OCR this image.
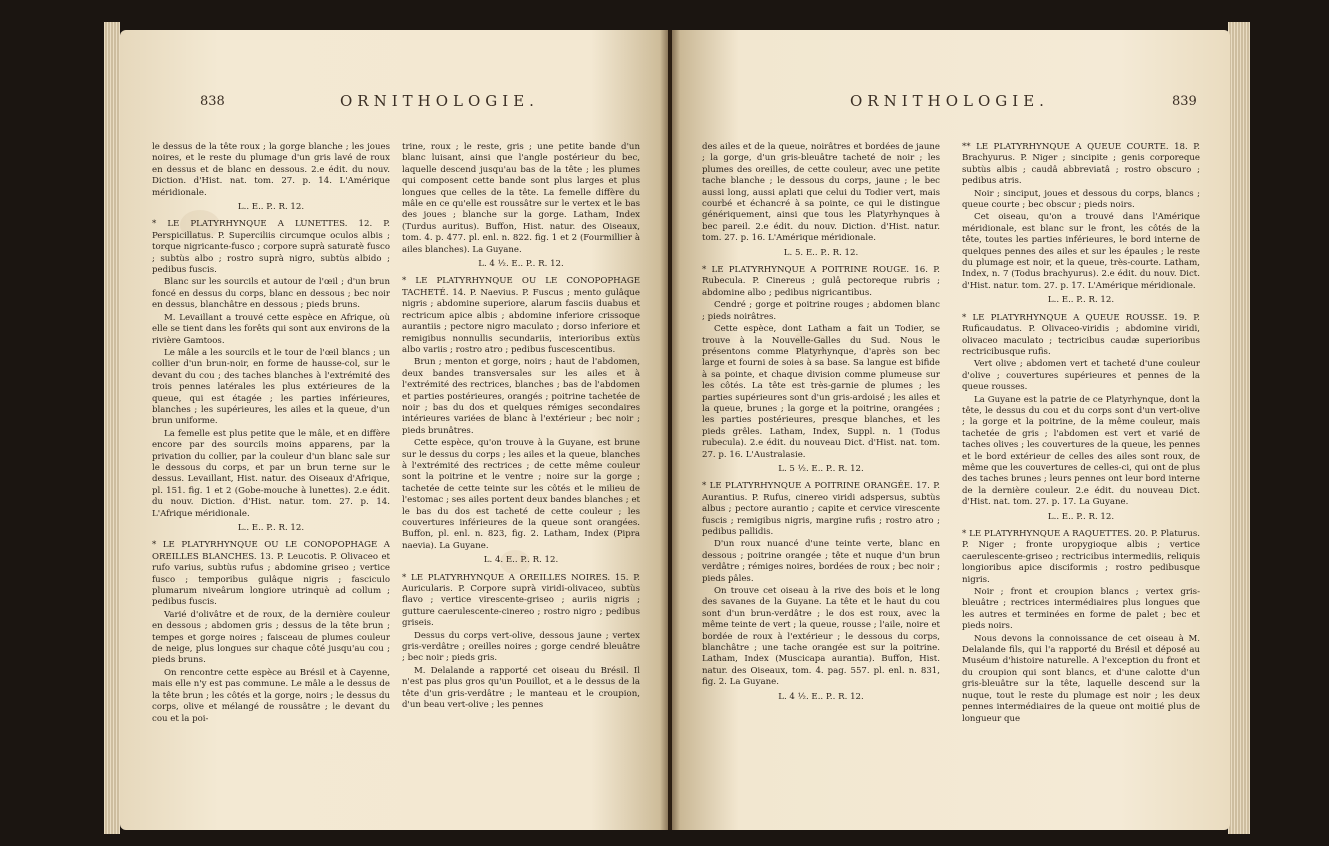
838	ORNITHOLOGIE.

le dessus de la tête roux ; la gorge blanche ; les joues noires, et le reste du plumage d'un gris lavé de roux en dessus et de blanc en dessous. 2.e édit. du nouv. Diction. d'Hist. nat. tom. 27. p. 14. L'Amérique méridionale.

L.. E.. P.. R. 12.

* LE PLATYRHYNQUE A LUNETTES. 12. P. Perspicillatus. P. Superciliis circumque oculos albis ; torque nigricante-fusco ; corpore suprà saturatè fusco ; subtùs albo ; rostro suprà nigro, subtùs albido ; pedibus fuscis.

Blanc sur les sourcils et autour de l'œil ; d'un brun foncé en dessus du corps, blanc en dessous ; bec noir en dessus, blanchâtre en dessous ; pieds bruns.

M. Levaillant a trouvé cette espèce en Afrique, où elle se tient dans les forêts qui sont aux environs de la rivière Gamtoos.

Le mâle a les sourcils et le tour de l'œil blancs ; un collier d'un brun-noir, en forme de hausse-col, sur le devant du cou ; des taches blanches à l'extrémité des trois pennes latérales les plus extérieures de la queue, qui est étagée ; les parties inférieures, blanches ; les supérieures, les ailes et la queue, d'un brun uniforme.

La femelle est plus petite que le mâle, et en diffère encore par des sourcils moins apparens, par la privation du collier, par la couleur d'un blanc sale sur le dessous du corps, et par un brun terne sur le dessus. Levaillant, Hist. natur. des Oiseaux d'Afrique, pl. 151. fig. 1 et 2 (Gobe-mouche à lunettes). 2.e édit. du nouv. Diction. d'Hist. natur. tom. 27. p. 14. L'Afrique méridionale.

L.. E.. P.. R. 12.

* LE PLATYRHYNQUE OU LE CONOPOPHAGE A OREILLES BLANCHES. 13. P. Leucotis. P. Olivaceo et rufo varius, subtùs rufus ; abdomine griseo ; vertice fusco ; temporibus gulâque nigris ; fasciculo plumarum niveârum longiore utrinquè ad collum ; pedibus fuscis.

Varié d'olivâtre et de roux, de la dernière couleur en dessous ; abdomen gris ; dessus de la tête brun ; tempes et gorge noires ; faisceau de plumes couleur de neige, plus longues sur chaque côté jusqu'au cou ; pieds bruns.

On rencontre cette espèce au Brésil et à Cayenne, mais elle n'y est pas commune. Le mâle a le dessus de la tête brun ; les côtés et la gorge, noirs ; le dessus du corps, olive et mélangé de roussâtre ; le devant du cou et la poi-

trine, roux ; le reste, gris ; une petite bande d'un blanc luisant, ainsi que l'angle postérieur du bec, laquelle descend jusqu'au bas de la tête ; les plumes qui composent cette bande sont plus larges et plus longues que celles de la tête. La femelle diffère du mâle en ce qu'elle est roussâtre sur le vertex et le bas des joues ; blanche sur la gorge. Latham, Index (Turdus auritus). Buffon, Hist. natur. des Oiseaux, tom. 4. p. 477. pl. enl. n. 822. fig. 1 et 2 (Fourmillier à ailes blanches). La Guyane.

L. 4 ½. E.. P.. R. 12.

* LE PLATYRHYNQUE OU LE CONOPOPHAGE TACHETÉ. 14. P. Naevius. P. Fuscus ; mento gulâque nigris ; abdomine superiore, alarum fasciis duabus et rectricum apice albis ; abdomine inferiore crissoque aurantiis ; pectore nigro maculato ; dorso inferiore et remigibus nonnullis secundariis, interioribus extùs albo variis ; rostro atro ; pedibus fuscescentibus.

Brun ; menton et gorge, noirs ; haut de l'abdomen, deux bandes transversales sur les ailes et à l'extrémité des rectrices, blanches ; bas de l'abdomen et parties postérieures, orangés ; poitrine tachetée de noir ; bas du dos et quelques rémiges secondaires intérieures variées de blanc à l'extérieur ; bec noir ; pieds brunâtres.

Cette espèce, qu'on trouve à la Guyane, est brune sur le dessus du corps ; les ailes et la queue, blanches à l'extrémité des rectrices ; de cette même couleur sont la poitrine et le ventre ; noire sur la gorge ; tachetée de cette teinte sur les côtés et le milieu de l'estomac ; ses ailes portent deux bandes blanches ; et le bas du dos est tacheté de cette couleur ; les couvertures inférieures de la queue sont orangées. Buffon, pl. enl. n. 823, fig. 2. Latham, Index (Pipra naevia). La Guyane.

L. 4. E.. P.. R. 12.

* LE PLATYRHYNQUE A OREILLES NOIRES. 15. P. Auricularis. P. Corpore suprà viridi-olivaceo, subtùs flavo ; vertice virescente-griseo ; auriis nigris ; gutture caerulescente-cinereo ; rostro nigro ; pedibus griseis.

Dessus du corps vert-olive, dessous jaune ; vertex gris-verdâtre ; oreilles noires ; gorge cendré bleuâtre ; bec noir ; pieds gris.

M. Delalande a rapporté cet oiseau du Brésil. Il n'est pas plus gros qu'un Pouillot, et a le dessus de la tête d'un gris-verdâtre ; le manteau et le croupion, d'un beau vert-olive ; les pennes

839
ORNITHOLOGIE.

des ailes et de la queue, noirâtres et bordées de jaune ; la gorge, d'un gris-bleuâtre tacheté de noir ; les plumes des oreilles, de cette couleur, avec une petite tache blanche ; le dessous du corps, jaune ; le bec aussi long, aussi aplati que celui du Todier vert, mais courbé et échancré à sa pointe, ce qui le distingue génériquement, ainsi que tous les Platyrhynques à bec pareil. 2.e édit. du nouv. Diction. d'Hist. natur. tom. 27. p. 16. L'Amérique méridionale.

L. 5. E.. P.. R. 12.

* LE PLATYRHYNQUE A POITRINE ROUGE. 16. P. Rubecula. P. Cinereus ; gulâ pectoreque rubris ; abdomine albo ; pedibus nigricantibus.

Cendré ; gorge et poitrine rouges ; abdomen blanc ; pieds noirâtres.

Cette espèce, dont Latham a fait un Todier, se trouve à la Nouvelle-Galles du Sud. Nous le présentons comme Platyrhynque, d'après son bec large et fourni de soies à sa base. Sa langue est bifide à sa pointe, et chaque division comme plumeuse sur les côtés. La tête est très-garnie de plumes ; les parties supérieures sont d'un gris-ardoisé ; les ailes et la queue, brunes ; la gorge et la poitrine, orangées ; les parties postérieures, presque blanches, et les pieds grêles. Latham, Index, Suppl. n. 1 (Todus rubecula). 2.e édit. du nouveau Dict. d'Hist. nat. tom. 27. p. 16. L'Australasie.

L. 5 ½. E.. P.. R. 12.

* LE PLATYRHYNQUE A POITRINE ORANGÉE. 17. P. Aurantius. P. Rufus, cinereo viridi adspersus, subtùs albus ; pectore aurantio ; capite et cervice virescente fuscis ; remigibus nigris, margine rufis ; rostro atro ; pedibus pallidis.

D'un roux nuancé d'une teinte verte, blanc en dessous ; poitrine orangée ; tête et nuque d'un brun verdâtre ; rémiges noires, bordées de roux ; bec noir ; pieds pâles.

On trouve cet oiseau à la rive des bois et le long des savanes de la Guyane. La tête et le haut du cou sont d'un brun-verdâtre ; le dos est roux, avec la même teinte de vert ; la queue, rousse ; l'aile, noire et bordée de roux à l'extérieur ; le dessous du corps, blanchâtre ; une tache orangée est sur la poitrine. Latham, Index (Muscicapa aurantia). Buffon, Hist. natur. des Oiseaux, tom. 4. pag. 557. pl. enl. n. 831, fig. 2. La Guyane.

L. 4 ½. E.. P.. R. 12.

** LE PLATYRHYNQUE A QUEUE COURTE. 18. P. Brachyurus. P. Niger ; sincipite ; genis corporeque subtùs albis ; caudâ abbreviatâ ; rostro obscuro ; pedibus atris.

Noir ; sinciput, joues et dessous du corps, blancs ; queue courte ; bec obscur ; pieds noirs.

Cet oiseau, qu'on a trouvé dans l'Amérique méridionale, est blanc sur le front, les côtés de la tête, toutes les parties inférieures, le bord interne de quelques pennes des ailes et sur les épaules ; le reste du plumage est noir, et la queue, très-courte. Latham, Index, n. 7 (Todus brachyurus). 2.e édit. du nouv. Dict. d'Hist. natur. tom. 27. p. 17. L'Amérique méridionale.

L.. E.. P.. R. 12.

* LE PLATYRHYNQUE A QUEUE ROUSSE. 19. P. Ruficaudatus. P. Olivaceo-viridis ; abdomine viridi, olivaceo maculato ; tectricibus caudæ superioribus rectricibusque rufis.

Vert olive ; abdomen vert et tacheté d'une couleur d'olive ; couvertures supérieures et pennes de la queue rousses.

La Guyane est la patrie de ce Platyrhynque, dont la tête, le dessus du cou et du corps sont d'un vert-olive ; la gorge et la poitrine, de la même couleur, mais tachetée de gris ; l'abdomen est vert et varié de taches olives ; les couvertures de la queue, les pennes et le bord extérieur de celles des ailes sont roux, de même que les couvertures de celles-ci, qui ont de plus des taches brunes ; leurs pennes ont leur bord interne de la dernière couleur. 2.e édit. du nouveau Dict. d'Hist. nat. tom. 27. p. 17. La Guyane.

L.. E.. P.. R. 12.

* LE PLATYRHYNQUE A RAQUETTES. 20. P. Platurus. P. Niger ; fronte uropygioque albis ; vertice caerulescente-griseo ; rectricibus intermediis, reliquis longioribus apice disciformis ; rostro pedibusque nigris.

Noir ; front et croupion blancs ; vertex gris-bleuâtre ; rectrices intermédiaires plus longues que les autres et terminées en forme de palet ; bec et pieds noirs.

Nous devons la connoissance de cet oiseau à M. Delalande fils, qui l'a rapporté du Brésil et déposé au Muséum d'histoire naturelle. A l'exception du front et du croupion qui sont blancs, et d'une calotte d'un gris-bleuâtre sur la tête, laquelle descend sur la nuque, tout le reste du plumage est noir ; les deux pennes intermédiaires de la queue ont moitié plus de longueur que
